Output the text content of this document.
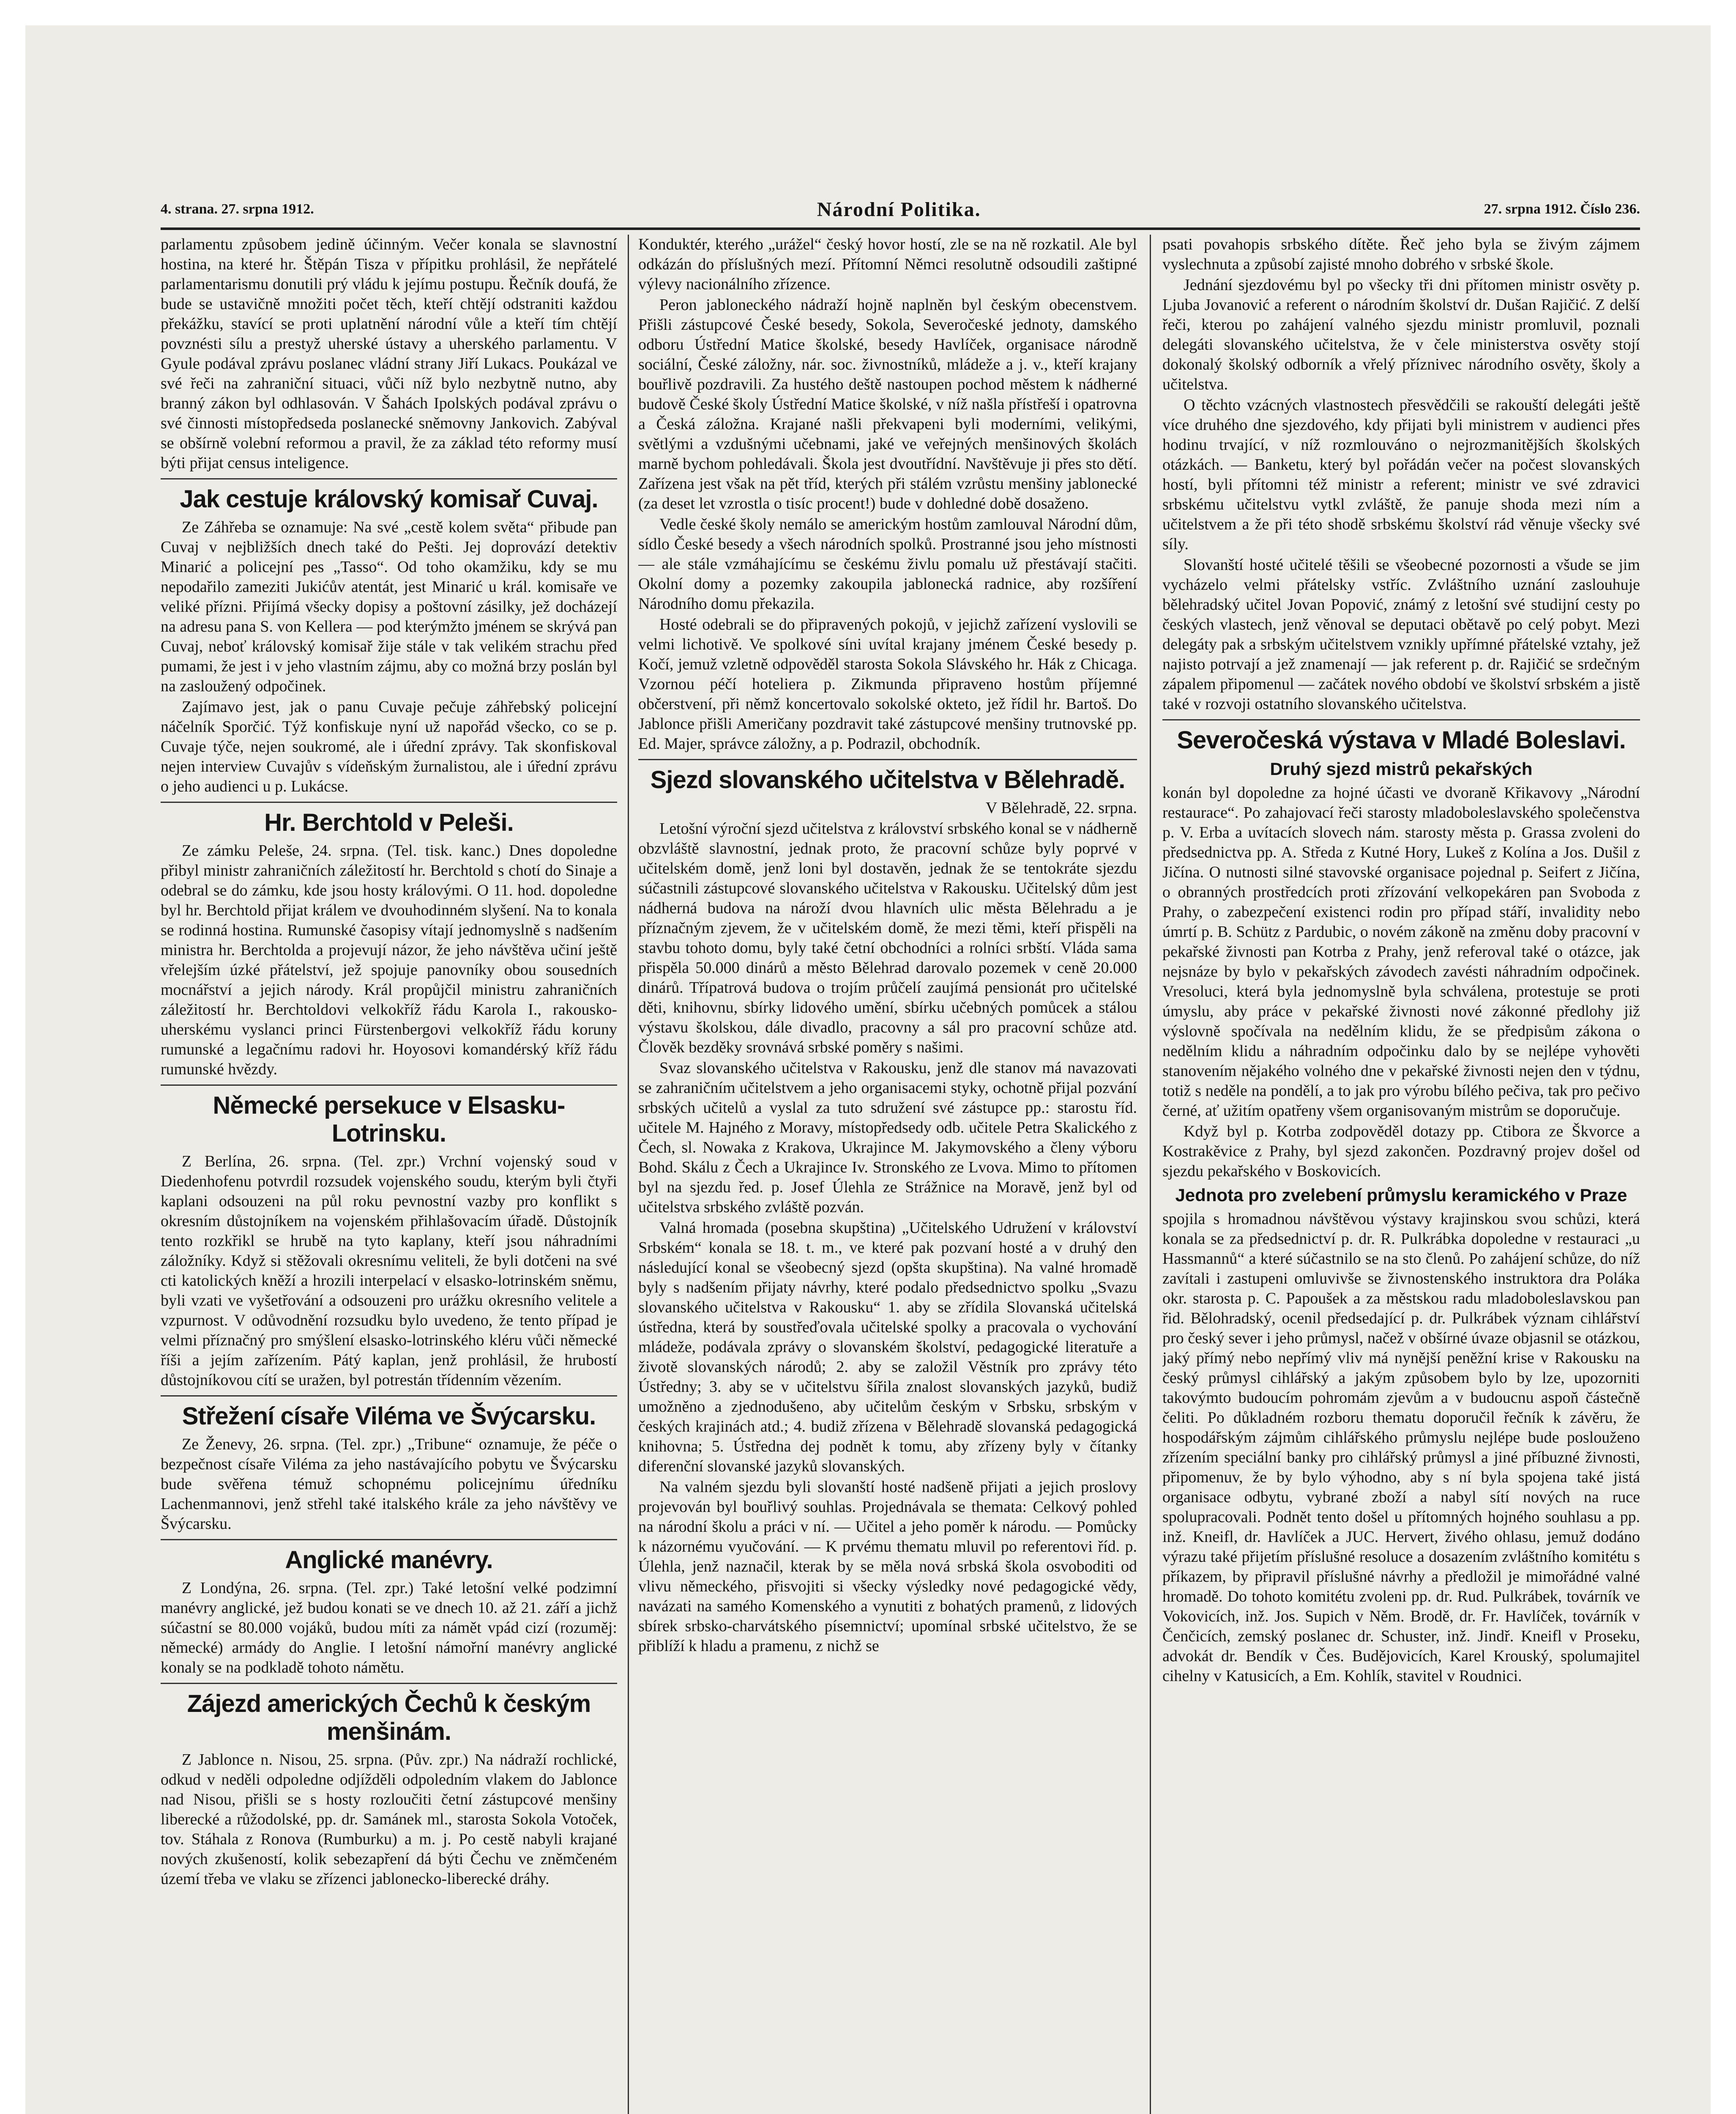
4. strana. 27. srpna 1912.	Národní Politika.	27. srpna 1912. Číslo 236.

parlamentu způsobem jedině účinným. Večer konala se slavnostní hostina, na které hr. Štěpán Tisza v přípitku prohlásil, že nepřátelé parlamentarismu donutili prý vládu k jejímu postupu. Řečník doufá, že bude se ustavičně množiti počet těch, kteří chtějí odstraniti každou překážku, stavící se proti uplatnění národní vůle a kteří tím chtějí povznésti sílu a prestyž uherské ústavy a uherského parlamentu. V Gyule podával zprávu poslanec vládní strany Jiří Lukacs. Poukázal ve své řeči na zahraniční situaci, vůči níž bylo nezbytně nutno, aby branný zákon byl odhlasován. V Šahách Ipolských podával zprávu o své činnosti místopředseda poslanecké sněmovny Jankovich. Zabýval se obšírně volební reformou a pravil, že za základ této reformy musí býti přijat census inteligence.

Jak cestuje královský komisař Cuvaj.

Ze Záhřeba se oznamuje: Na své „cestě kolem světa“ přibude pan Cuvaj v nejbližších dnech také do Pešti. Jej doprovází detektiv Minarić a policejní pes „Tasso“. Od toho okamžiku, kdy se mu nepodařilo zameziti Jukićův atentát, jest Minarić u král. komisaře ve veliké přízni. Přijímá všecky dopisy a poštovní zásilky, jež docházejí na adresu pana S. von Kellera — pod kterýmžto jménem se skrývá pan Cuvaj, neboť královský komisař žije stále v tak velikém strachu před pumami, že jest i v jeho vlastním zájmu, aby co možná brzy poslán byl na zasloužený odpočinek.

Zajímavo jest, jak o panu Cuvaje pečuje záhřebský policejní náčelník Sporčić. Týž konfiskuje nyní už napořád všecko, co se p. Cuvaje týče, nejen soukromé, ale i úřední zprávy. Tak skonfiskoval nejen interview Cuvajův s vídeňským žurnalistou, ale i úřední zprávu o jeho audienci u p. Lukácse.

Hr. Berchtold v Peleši.

Ze zámku Peleše, 24. srpna. (Tel. tisk. kanc.) Dnes dopoledne přibyl ministr zahraničních záležitostí hr. Berchtold s chotí do Sinaje a odebral se do zámku, kde jsou hosty královými. O 11. hod. dopoledne byl hr. Berchtold přijat králem ve dvouhodinném slyšení. Na to konala se rodinná hostina. Rumunské časopisy vítají jednomyslně s nadšením ministra hr. Berchtolda a projevují názor, že jeho návštěva učiní ještě vřelejším úzké přátelství, jež spojuje panovníky obou sousedních mocnářství a jejich národy. Král propůjčil ministru zahraničních záležitostí hr. Berchtoldovi velkokříž řádu Karola I., rakousko-uherskému vyslanci princi Fürstenbergovi velkokříž řádu koruny rumunské a legačnímu radovi hr. Hoyosovi komandérský kříž řádu rumunské hvězdy.

Německé persekuce v Elsasku-Lotrinsku.

Z Berlína, 26. srpna. (Tel. zpr.) Vrchní vojenský soud v Diedenhofenu potvrdil rozsudek vojenského soudu, kterým byli čtyři kaplani odsouzeni na půl roku pevnostní vazby pro konflikt s okresním důstojníkem na vojenském přihlašovacím úřadě. Důstojník tento rozkřikl se hrubě na tyto kaplany, kteří jsou náhradními záložníky. Když si stěžovali okresnímu veliteli, že byli dotčeni na své cti katolických kněží a hrozili interpelací v elsasko-lotrinském sněmu, byli vzati ve vyšetřování a odsouzeni pro urážku okresního velitele a vzpurnost. V odůvodnění rozsudku bylo uvedeno, že tento případ je velmi příznačný pro smýšlení elsasko-lotrinského kléru vůči německé říši a jejím zařízením. Pátý kaplan, jenž prohlásil, že hrubostí důstojníkovou cítí se uražen, byl potrestán třídenním vězením.

Střežení císaře Viléma ve Švýcarsku.

Ze Ženevy, 26. srpna. (Tel. zpr.) „Tribune“ oznamuje, že péče o bezpečnost císaře Viléma za jeho nastávajícího pobytu ve Švýcarsku bude svěřena témuž schopnému policejnímu úředníku Lachenmannovi, jenž střehl také italského krále za jeho návštěvy ve Švýcarsku.

Anglické manévry.

Z Londýna, 26. srpna. (Tel. zpr.) Také letošní velké podzimní manévry anglické, jež budou konati se ve dnech 10. až 21. září a jichž súčastní se 80.000 vojáků, budou míti za námět vpád cizí (rozuměj: německé) armády do Anglie. I letošní námořní manévry anglické konaly se na podkladě tohoto námětu.

Zájezd amerických Čechů k českým menšinám.

Z Jablonce n. Nisou, 25. srpna. (Pův. zpr.) Na nádraží rochlické, odkud v neděli odpoledne odjížděli odpoledním vlakem do Jablonce nad Nisou, přišli se s hosty rozloučiti četní zástupcové menšiny liberecké a růžodolské, pp. dr. Samánek ml., starosta Sokola Votoček, tov. Stáhala z Ronova (Rumburku) a m. j. Po cestě nabyli krajané nových zkušeností, kolik sebezapření dá býti Čechu ve zněmčeném území třeba ve vlaku se zřízenci jablonecko-liberecké dráhy.

Konduktér, kterého „urážel“ český hovor hostí, zle se na ně rozkatil. Ale byl odkázán do příslušných mezí. Přítomní Němci resolutně odsoudili zaštipné výlevy nacionálního zřízence.

Peron jabloneckého nádraží hojně naplněn byl českým obecenstvem. Přišli zástupcové České besedy, Sokola, Severočeské jednoty, damského odboru Ústřední Matice školské, besedy Havlíček, organisace národně sociální, České záložny, nár. soc. živnostníků, mládeže a j. v., kteří krajany bouřlivě pozdravili. Za hustého deště nastoupen pochod městem k nádherné budově České školy Ústřední Matice školské, v níž našla přístřeší i opatrovna a Česká záložna. Krajané našli překvapeni byli moderními, velikými, světlými a vzdušnými učebnami, jaké ve veřejných menšinových školách marně bychom pohledávali. Škola jest dvoutřídní. Navštěvuje ji přes sto dětí. Zařízena jest však na pět tříd, kterých při stálém vzrůstu menšiny jablonecké (za deset let vzrostla o tisíc procent!) bude v dohledné době dosaženo.

Vedle české školy nemálo se americkým hostům zamlouval Národní dům, sídlo České besedy a všech národních spolků. Prostranné jsou jeho místnosti — ale stále vzmáhajícímu se českému živlu pomalu už přestávají stačiti. Okolní domy a pozemky zakoupila jablonecká radnice, aby rozšíření Národního domu překazila.

Hosté odebrali se do připravených pokojů, v jejichž zařízení vyslovili se velmi lichotivě. Ve spolkové síni uvítal krajany jménem České besedy p. Kočí, jemuž vzletně odpověděl starosta Sokola Slávského hr. Hák z Chicaga. Vzornou péčí hoteliera p. Zikmunda připraveno hostům příjemné občerstvení, při němž koncertovalo sokolské okteto, jež řídil hr. Bartoš. Do Jablonce přišli Američany pozdravit také zástupcové menšiny trutnovské pp. Ed. Majer, správce záložny, a p. Podrazil, obchodník.

Sjezd slovanského učitelstva v Bělehradě.

V Bělehradě, 22. srpna.

Letošní výroční sjezd učitelstva z království srbského konal se v nádherně obzvláště slavnostní, jednak proto, že pracovní schůze byly poprvé v učitelském domě, jenž loni byl dostavěn, jednak že se tentokráte sjezdu súčastnili zástupcové slovanského učitelstva v Rakousku. Učitelský dům jest nádherná budova na nároží dvou hlavních ulic města Bělehradu a je příznačným zjevem, že v učitelském domě, že mezi těmi, kteří přispěli na stavbu tohoto domu, byly také četní obchodníci a rolníci srbští. Vláda sama přispěla 50.000 dinárů a město Bělehrad darovalo pozemek v ceně 20.000 dinárů. Třípatrová budova o trojím průčelí zaujímá pensionát pro učitelské děti, knihovnu, sbírky lidového umění, sbírku učebných pomůcek a stálou výstavu školskou, dále divadlo, pracovny a sál pro pracovní schůze atd. Člověk bezděky srovnává srbské poměry s našimi.

Svaz slovanského učitelstva v Rakousku, jenž dle stanov má navazovati se zahraničním učitelstvem a jeho organisacemi styky, ochotně přijal pozvání srbských učitelů a vyslal za tuto sdružení své zástupce pp.: starostu říd. učitele M. Hajného z Moravy, místopředsedy odb. učitele Petra Skalického z Čech, sl. Nowaka z Krakova, Ukrajince M. Jakymovského a členy výboru Bohd. Skálu z Čech a Ukrajince Iv. Stronského ze Lvova. Mimo to přítomen byl na sjezdu řed. p. Josef Úlehla ze Strážnice na Moravě, jenž byl od učitelstva srbského zvláště pozván.

Valná hromada (posebna skupština) „Učitelského Udružení v království Srbském“ konala se 18. t. m., ve které pak pozvaní hosté a v druhý den následující konal se všeobecný sjezd (opšta skupština). Na valné hromadě byly s nadšením přijaty návrhy, které podalo předsednictvo spolku „Svazu slovanského učitelstva v Rakousku“ 1. aby se zřídila Slovanská učitelská ústředna, která by soustřeďovala učitelské spolky a pracovala o vychování mládeže, podávala zprávy o slovanském školství, pedagogické literatuře a životě slovanských národů; 2. aby se založil Věstník pro zprávy této Ústředny; 3. aby se v učitelstvu šířila znalost slovanských jazyků, budiž umožněno a zjednodušeno, aby učitelům českým v Srbsku, srbským v českých krajinách atd.; 4. budiž zřízena v Bělehradě slovanská pedagogická knihovna; 5. Ústředna dej podnět k tomu, aby zřízeny byly v čítanky diferenční slovanské jazyků slovanských.

Na valném sjezdu byli slovanští hosté nadšeně přijati a jejich proslovy projevován byl bouřlivý souhlas. Projednávala se themata: Celkový pohled na národní školu a práci v ní. — Učitel a jeho poměr k národu. — Pomůcky k názornému vyučování. — K prvému thematu mluvil po referentovi říd. p. Úlehla, jenž naznačil, kterak by se měla nová srbská škola osvoboditi od vlivu německého, přisvojiti si všecky výsledky nové pedagogické vědy, navázati na samého Komenského a vynutiti z bohatých pramenů, z lidových sbírek srbsko-charvátského písemnictví; upomínal srbské učitelstvo, že se přiblíží k hladu a pramenu, z nichž se

psati povahopis srbského dítěte. Řeč jeho byla se živým zájmem vyslechnuta a způsobí zajisté mnoho dobrého v srbské škole.

Jednání sjezdovému byl po všecky tři dni přítomen ministr osvěty p. Ljuba Jovanović a referent o národním školství dr. Dušan Rajičić. Z delší řeči, kterou po zahájení valného sjezdu ministr promluvil, poznali delegáti slovanského učitelstva, že v čele ministerstva osvěty stojí dokonalý školský odborník a vřelý příznivec národního osvěty, školy a učitelstva.

O těchto vzácných vlastnostech přesvědčili se rakouští delegáti ještě více druhého dne sjezdového, kdy přijati byli ministrem v audienci přes hodinu trvající, v níž rozmlouváno o nejrozmanitějších školských otázkách. — Banketu, který byl pořádán večer na počest slovanských hostí, byli přítomni též ministr a referent; ministr ve své zdravici srbskému učitelstvu vytkl zvláště, že panuje shoda mezi ním a učitelstvem a že při této shodě srbskému školství rád věnuje všecky své síly.

Slovanští hosté učitelé těšili se všeobecné pozornosti a všude se jim vycházelo velmi přátelsky vstříc. Zvláštního uznání zaslouhuje bělehradský učitel Jovan Popović, známý z letošní své studijní cesty po českých vlastech, jenž věnoval se deputaci obětavě po celý pobyt. Mezi delegáty pak a srbským učitelstvem vznikly upřímné přátelské vztahy, jež najisto potrvají a jež znamenají — jak referent p. dr. Rajičić se srdečným zápalem připomenul — začátek nového období ve školství srbském a jistě také v rozvoji ostatního slovanského učitelstva.

Severočeská výstava v Mladé Boleslavi.
Druhý sjezd mistrů pekařských

konán byl dopoledne za hojné účasti ve dvoraně Křikavovy „Národní restaurace“. Po zahajovací řeči starosty mladoboleslavského společenstva p. V. Erba a uvítacích slovech nám. starosty města p. Grassa zvoleni do předsednictva pp. A. Středa z Kutné Hory, Lukeš z Kolína a Jos. Dušil z Jičína. O nutnosti silné stavovské organisace pojednal p. Seifert z Jičína, o obranných prostředcích proti zřízování velkopekáren pan Svoboda z Prahy, o zabezpečení existenci rodin pro případ stáří, invalidity nebo úmrtí p. B. Schütz z Pardubic, o novém zákoně na změnu doby pracovní v pekařské živnosti pan Kotrba z Prahy, jenž referoval také o otázce, jak nejsnáze by bylo v pekařských závodech zavésti náhradním odpočinek. Vresoluci, která byla jednomyslně byla schválena, protestuje se proti úmyslu, aby práce v pekařské živnosti nové zákonné předlohy již výslovně spočívala na nedělním klidu, že se předpisům zákona o nedělním klidu a náhradním odpočinku dalo by se nejlépe vyhověti stanovením nějakého volného dne v pekařské živnosti nejen den v týdnu, totiž s neděle na pondělí, a to jak pro výrobu bílého pečiva, tak pro pečivo černé, ať užitím opatřeny všem organisovaným mistrům se doporučuje.

Když byl p. Kotrba zodpověděl dotazy pp. Ctibora ze Škvorce a Kostrakěvice z Prahy, byl sjezd zakončen. Pozdravný projev došel od sjezdu pekařského v Boskovicích.

Jednota pro zvelebení průmyslu keramického v Praze

spojila s hromadnou návštěvou výstavy krajinskou svou schůzi, která konala se za předsednictví p. dr. R. Pulkrábka dopoledne v restauraci „u Hassmannů“ a které súčastnilo se na sto členů. Po zahájení schůze, do níž zavítali i zastupeni omluvivše se živnostenského instruktora dra Poláka okr. starosta p. C. Papoušek a za městskou radu mladoboleslavskou pan řid. Bělohradský, ocenil předsedající p. dr. Pulkrábek význam cihlářství pro český sever i jeho průmysl, načež v obšírné úvaze objasnil se otázkou, jaký přímý nebo nepřímý vliv má nynější peněžní krise v Rakousku na český průmysl cihlářský a jakým způsobem bylo by lze, upozorniti takovýmto budoucím pohromám zjevům a v budoucnu aspoň částečně čeliti. Po důkladném rozboru thematu doporučil řečník k závěru, že hospodářským zájmům cihlářského průmyslu nejlépe bude poslouženo zřízením speciální banky pro cihlářský průmysl a jiné příbuzné živnosti, připomenuv, že by bylo výhodno, aby s ní byla spojena také jistá organisace odbytu, vybrané zboží a nabyl sítí nových na ruce spolupracovali. Podnět tento došel u přítomných hojného souhlasu a pp. inž. Kneifl, dr. Havlíček a JUC. Hervert, živého ohlasu, jemuž dodáno výrazu také přijetím příslušné resoluce a dosazením zvláštního komitétu s příkazem, by připravil příslušné návrhy a předložil je mimořádné valné hromadě. Do tohoto komitétu zvoleni pp. dr. Rud. Pulkrábek, továrník ve Vokovicích, inž. Jos. Supich v Něm. Brodě, dr. Fr. Havlíček, továrník v Čenčicích, zemský poslanec dr. Schuster, inž. Jindř. Kneifl v Proseku, advokát dr. Bendík v Čes. Budějovicích, Karel Krouský, spolumajitel cihelny v Katusicích, a Em. Kohlík, stavitel v Roudnici.
